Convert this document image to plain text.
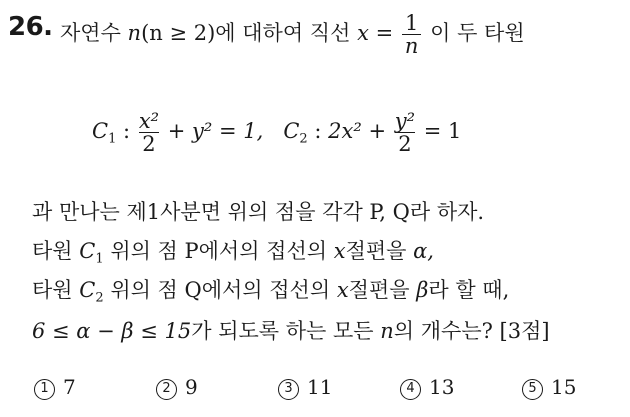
26. 자연수 n(n ≥ 2)에 대하여 직선 $x = \frac{1}{n}$ 이 두 타원
$C_1$ : $\frac{\text{x²}}{2} + y^2 = 1$, $C_2$ : $2x^2 + \frac{\text{y²}}{2} = 1$
과 만나는 제1사분면 위의 점을 각각 P, Q라 하자.
타원 $C_1$ 위의 점 P에서의 접선의 x절편을 α,
타원 $C_2$ 위의 점 Q에서의 접선의 x절편을 β라 할 때,
6 ≤ α − β ≤ 15가 되도록 하는 모든 n의 개수는? [3점]
1 7	2 9	3 11	4 13	5 15
